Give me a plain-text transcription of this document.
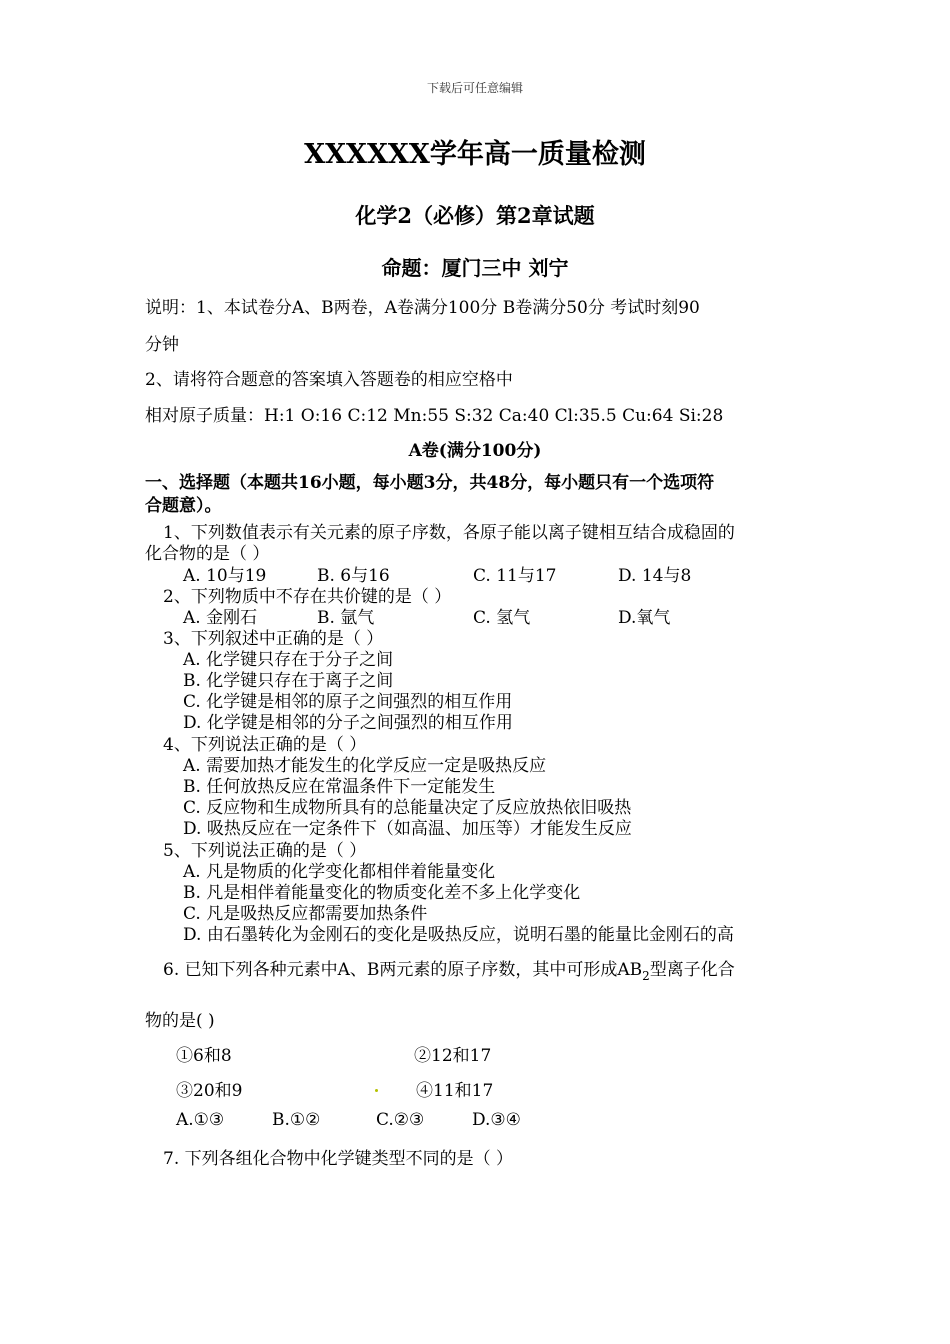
下载后可任意编辑
XXXXXX学年高一质量检测
化学2（必修）第2章试题
命题：厦门三中 刘宁
说明：1、本试卷分A、B两卷，A卷满分100分 B卷满分50分 考试时刻90
分钟
2、请将符合题意的答案填入答题卷的相应空格中
相对原子质量：H:1 O:16 C:12 Mn:55 S:32 Ca:40 Cl:35.5 Cu:64 Si:28
A卷(满分100分)
一、选择题（本题共16小题，每小题3分，共48分，每小题只有一个选项符
合题意）。
1、下列数值表示有关元素的原子序数，各原子能以离子键相互结合成稳固的
化合物的是（ ）
A. 10与19	B. 6与16	C. 11与17	D. 14与8
2、下列物质中不存在共价键的是（ ）
A. 金刚石	B. 氩气	C. 氢气	D.氧气
3、下列叙述中正确的是（ ）
A. 化学键只存在于分子之间
B. 化学键只存在于离子之间
C. 化学键是相邻的原子之间强烈的相互作用
D. 化学键是相邻的分子之间强烈的相互作用
4、下列说法正确的是（ ）
A. 需要加热才能发生的化学反应一定是吸热反应
B. 任何放热反应在常温条件下一定能发生
C. 反应物和生成物所具有的总能量决定了反应放热依旧吸热
D. 吸热反应在一定条件下（如高温、加压等）才能发生反应
5、下列说法正确的是（ ）
A. 凡是物质的化学变化都相伴着能量变化
B. 凡是相伴着能量变化的物质变化差不多上化学变化
C. 凡是吸热反应都需要加热条件
D. 由石墨转化为金刚石的变化是吸热反应，说明石墨的能量比金刚石的高
6. 已知下列各种元素中A、B两元素的原子序数，其中可形成$AB_2$型离子化合
物的是( )
①6和8	②12和17
③20和9	④11和17
A.①③	B.①②	C.②③	D.③④
7. 下列各组化合物中化学键类型不同的是（ ）
